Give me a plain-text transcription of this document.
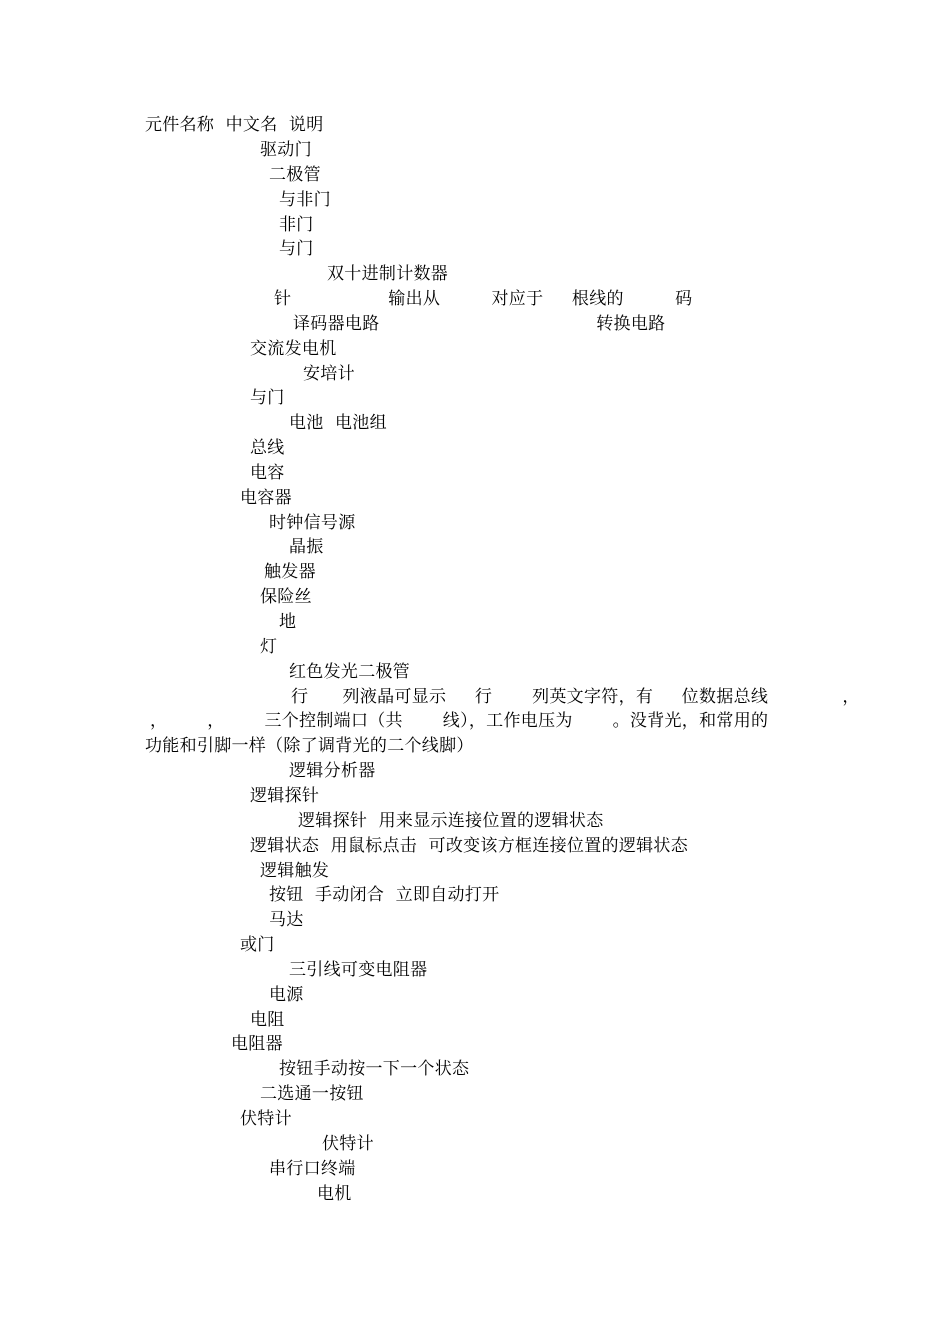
元件名称  中文名  说明
驱动门
二极管
与非门
非门
与门
双十进制计数器
针                 输出从         对应于     根线的         码
译码器电路                                      转换电路
交流发电机
安培计
与门
电池  电池组
总线
电容
电容器
时钟信号源
晶振
触发器
保险丝
地
灯
红色发光二极管
行      列液晶可显示     行       列英文字符，有     位数据总线             ，
，       ，       三个控制端口（共       线），工作电压为       。没背光，和常用的
功能和引脚一样（除了调背光的二个线脚）
逻辑分析器
逻辑探针
逻辑探针  用来显示连接位置的逻辑状态
逻辑状态  用鼠标点击  可改变该方框连接位置的逻辑状态
逻辑触发
按钮  手动闭合  立即自动打开
马达
或门
三引线可变电阻器
电源
电阻
电阻器
按钮手动按一下一个状态
二选通一按钮
伏特计
伏特计
串行口终端
电机
